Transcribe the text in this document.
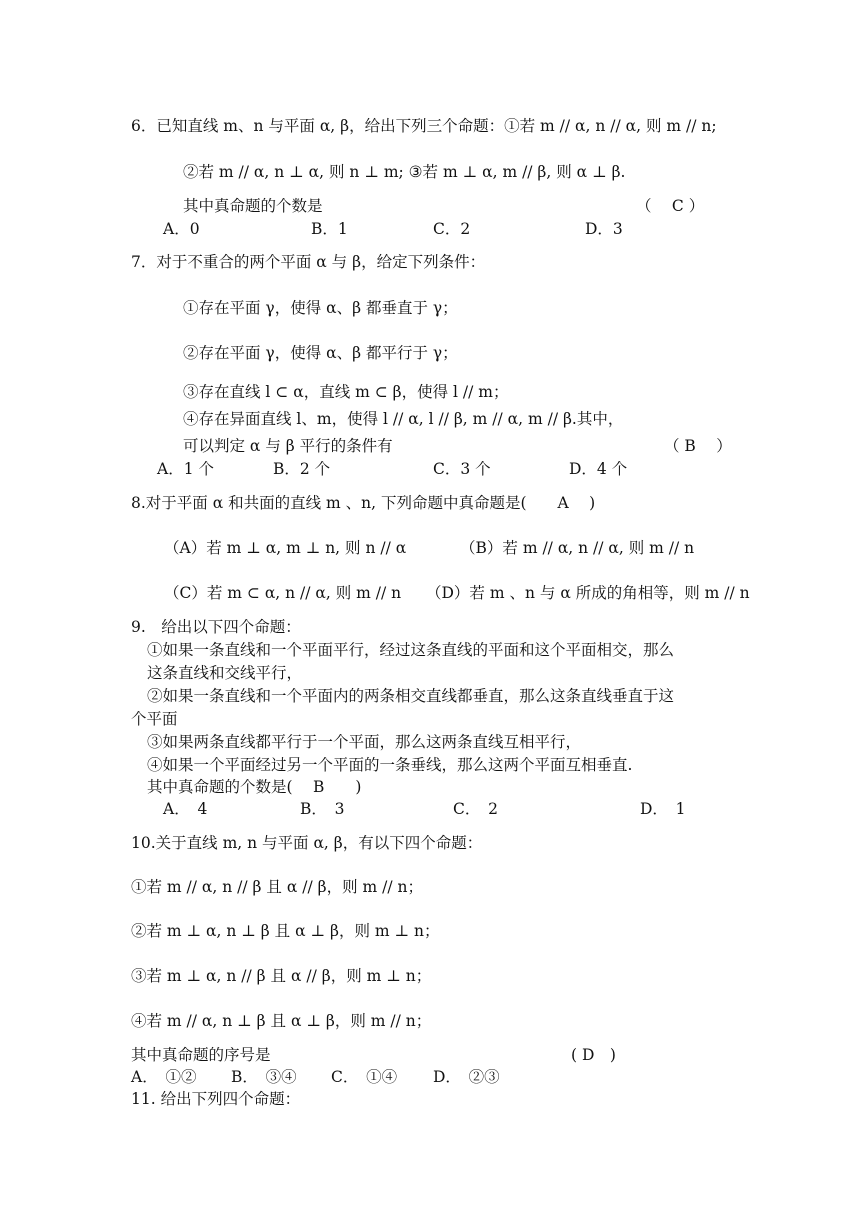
6．已知直线 m、n 与平面 α, β，给出下列三个命题：①若 m // α, n // α, 则 m // n;
②若 m // α, n ⊥ α, 则 n ⊥ m; ③若 m ⊥ α, m // β, 则 α ⊥ β.
其中真命题的个数是	（　 C ）
A．0	B．1	C．2	D．3
7．对于不重合的两个平面 α 与 β，给定下列条件：
①存在平面 γ，使得 α、β 都垂直于 γ；
②存在平面 γ，使得 α、β 都平行于 γ；
③存在直线 l ⊂ α，直线 m ⊂ β，使得 l // m；
④存在异面直线 l、m，使得 l // α, l // β, m // α, m // β.其中，
可以判定 α 与 β 平行的条件有	（ B　 ）
A．1 个	B．2 个	C．3 个	D．4 个
8.对于平面 α 和共面的直线 m 、n, 下列命题中真命题是(　　A　 )
（A）若 m ⊥ α, m ⊥ n, 则 n // α	（B）若 m // α, n // α, 则 m // n
（C）若 m ⊂ α, n // α, 则 m // n （D）若 m 、n 与 α 所成的角相等，则 m // n
9.　给出以下四个命题：
①如果一条直线和一个平面平行，经过这条直线的平面和这个平面相交，那么
这条直线和交线平行，
②如果一条直线和一个平面内的两条相交直线都垂直，那么这条直线垂直于这
个平面
③如果两条直线都平行于一个平面，那么这两条直线互相平行，
④如果一个平面经过另一个平面的一条垂线，那么这两个平面互相垂直.
其中真命题的个数是(　 B　　)
A．　4	B．　3	C．　2	D．　1
10.关于直线 m, n 与平面 α, β，有以下四个命题：
①若 m // α, n // β 且 α // β，则 m // n；
②若 m ⊥ α, n ⊥ β 且 α ⊥ β，则 m ⊥ n；
③若 m ⊥ α, n // β 且 α // β，则 m ⊥ n；
④若 m // α, n ⊥ β 且 α ⊥ β，则 m // n；
其中真命题的序号是	( D　)
A．　①② B．　③④ C．　①④ D．　②③
11. 给出下列四个命题：
